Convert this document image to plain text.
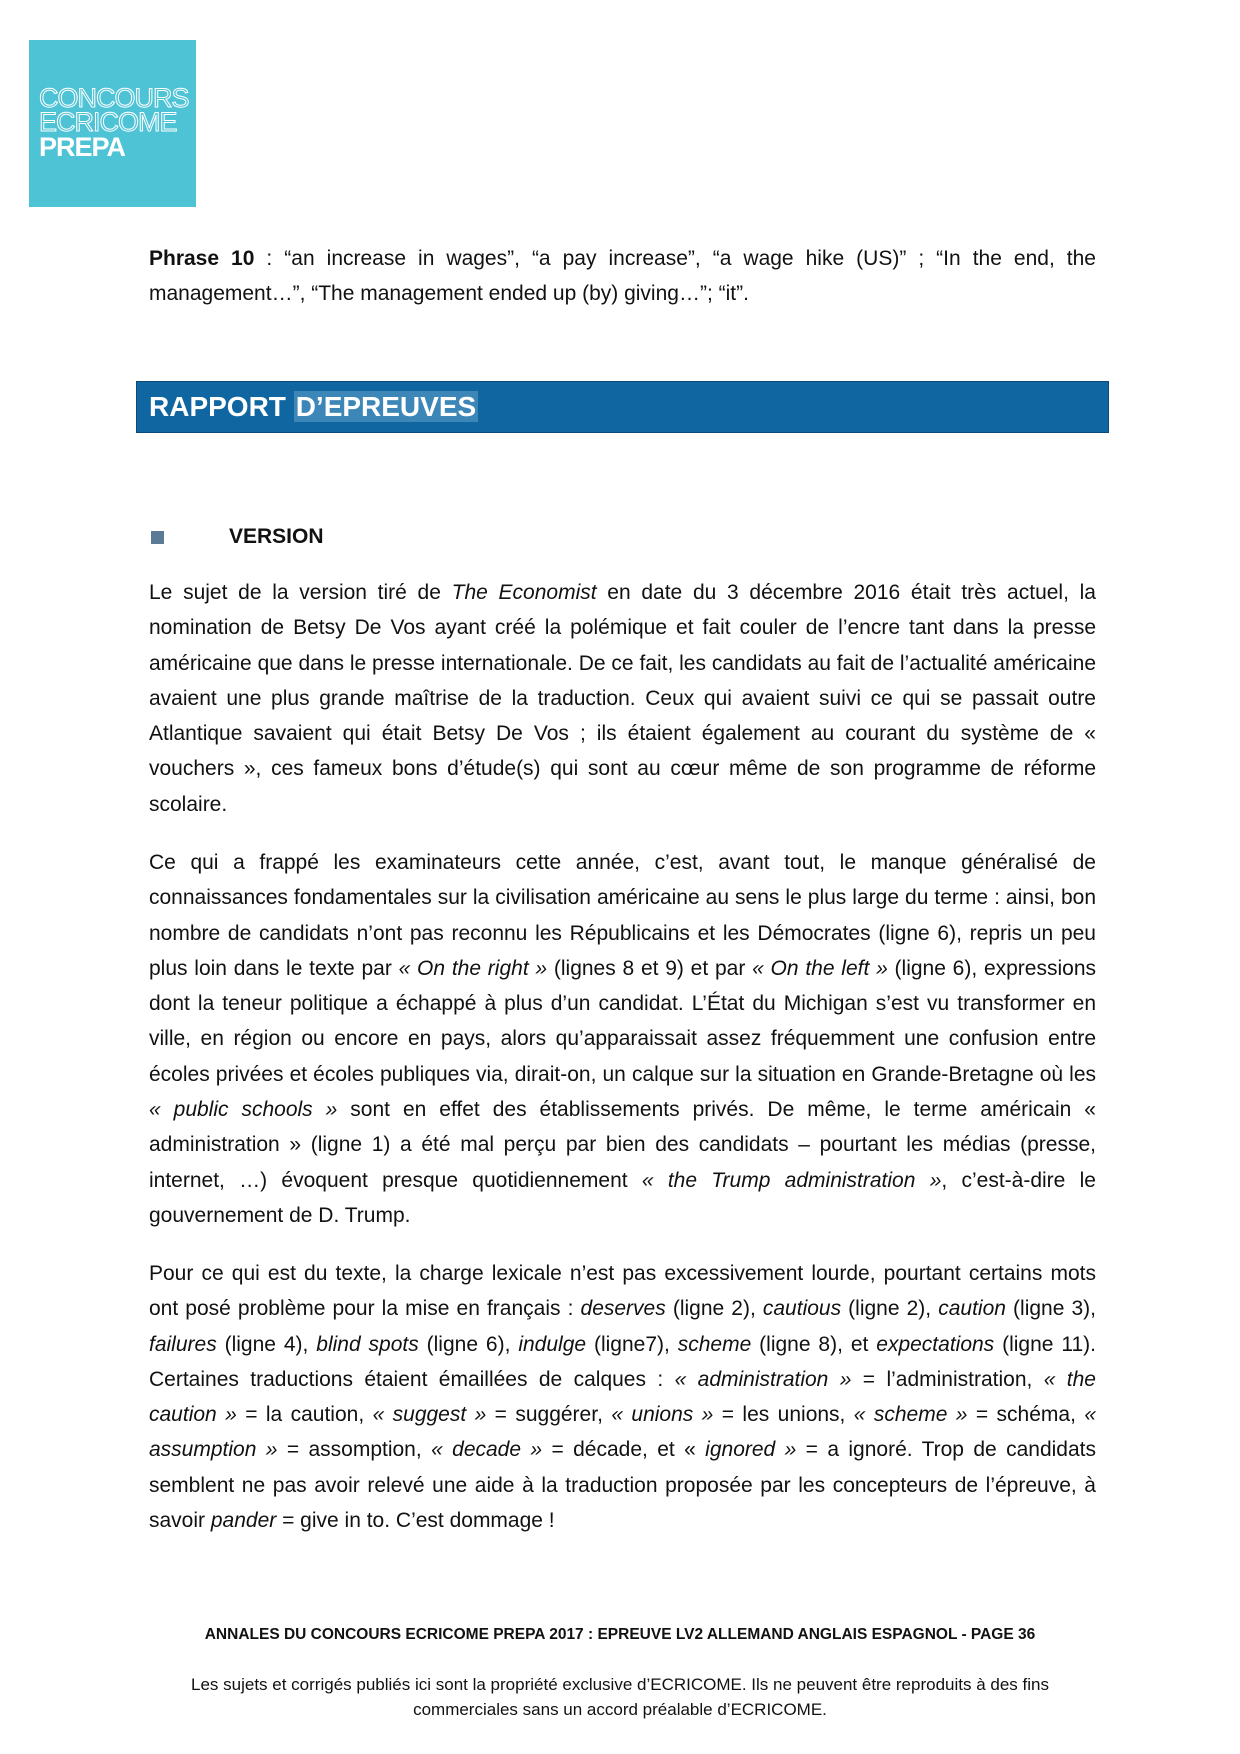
CONCOURS
ECRICOME
PREPA

Phrase 10 : “an increase in wages”, “a pay increase”, “a wage hike (US)” ; “In the end, the management…”, “The management ended up (by) giving…”; “it”.

RAPPORT D’EPREUVES
VERSION

Le sujet de la version tiré de The Economist en date du 3 décembre 2016 était très actuel, la nomination de Betsy De Vos ayant créé la polémique et fait couler de l’encre tant dans la presse américaine que dans le presse internationale. De ce fait, les candidats au fait de l’actualité américaine avaient une plus grande maîtrise de la traduction. Ceux qui avaient suivi ce qui se passait outre Atlantique savaient qui était Betsy De Vos ; ils étaient également au courant du système de « vouchers », ces fameux bons d’étude(s) qui sont au cœur même de son programme de réforme scolaire.

Ce qui a frappé les examinateurs cette année, c’est, avant tout, le manque généralisé de connaissances fondamentales sur la civilisation américaine au sens le plus large du terme : ainsi, bon nombre de candidats n’ont pas reconnu les Républicains et les Démocrates (ligne 6), repris un peu plus loin dans le texte par « On the right » (lignes 8 et 9) et par « On the left » (ligne 6), expressions dont la teneur politique a échappé à plus d’un candidat. L’État du Michigan s’est vu transformer en ville, en région ou encore en pays, alors qu’apparaissait assez fréquemment une confusion entre écoles privées et écoles publiques via, dirait-on, un calque sur la situation en Grande-Bretagne où les « public schools » sont en effet des établissements privés. De même, le terme américain « administration » (ligne 1) a été mal perçu par bien des candidats – pourtant les médias (presse, internet, …) évoquent presque quotidiennement « the Trump administration », c’est-à-dire le gouvernement de D. Trump.

Pour ce qui est du texte, la charge lexicale n’est pas excessivement lourde, pourtant certains mots ont posé problème pour la mise en français : deserves (ligne 2), cautious (ligne 2), caution (ligne 3), failures (ligne 4), blind spots (ligne 6), indulge (ligne7), scheme (ligne 8), et expectations (ligne 11). Certaines traductions étaient émaillées de calques : « administration » = l’administration, « the caution » = la caution, « suggest » = suggérer, « unions » = les unions, « scheme » = schéma, « assumption » = assomption, « decade » = décade, et « ignored » = a ignoré. Trop de candidats semblent ne pas avoir relevé une aide à la traduction proposée par les concepteurs de l’épreuve, à savoir pander = give in to. C’est dommage !

ANNALES DU CONCOURS ECRICOME PREPA 2017 : EPREUVE LV2 ALLEMAND ANGLAIS ESPAGNOL - PAGE 36
Les sujets et corrigés publiés ici sont la propriété exclusive d’ECRICOME. Ils ne peuvent être reproduits à des fins commerciales sans un accord préalable d’ECRICOME.
